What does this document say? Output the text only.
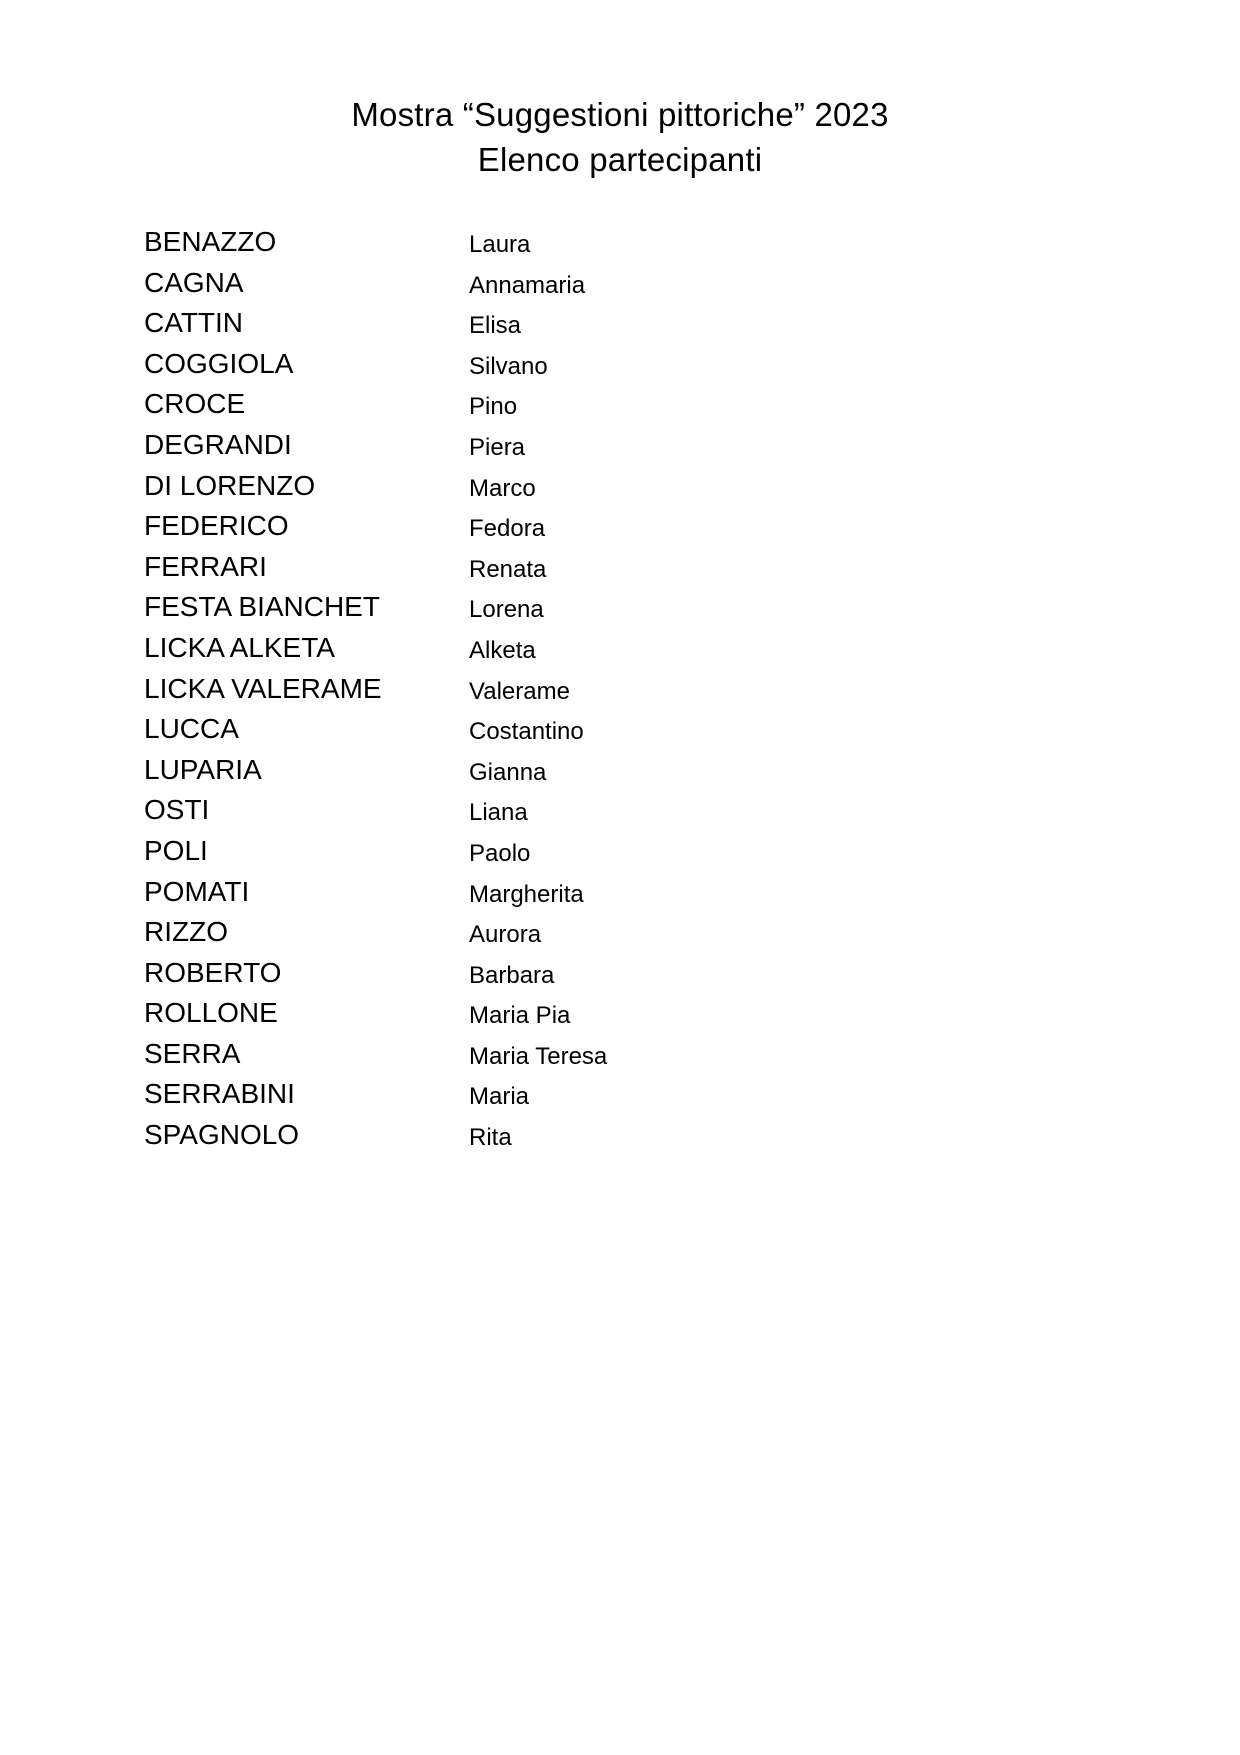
Mostra “Suggestioni pittoriche” 2023
Elenco partecipanti
BENAZZO	Laura
CAGNA	Annamaria
CATTIN	Elisa
COGGIOLA	Silvano
CROCE	Pino
DEGRANDI	Piera
DI LORENZO	Marco
FEDERICO	Fedora
FERRARI	Renata
FESTA BIANCHET	Lorena
LICKA ALKETA	Alketa
LICKA VALERAME	Valerame
LUCCA	Costantino
LUPARIA	Gianna
OSTI	Liana
POLI	Paolo
POMATI	Margherita
RIZZO	Aurora
ROBERTO	Barbara
ROLLONE	Maria Pia
SERRA	Maria Teresa
SERRABINI	Maria
SPAGNOLO	Rita
